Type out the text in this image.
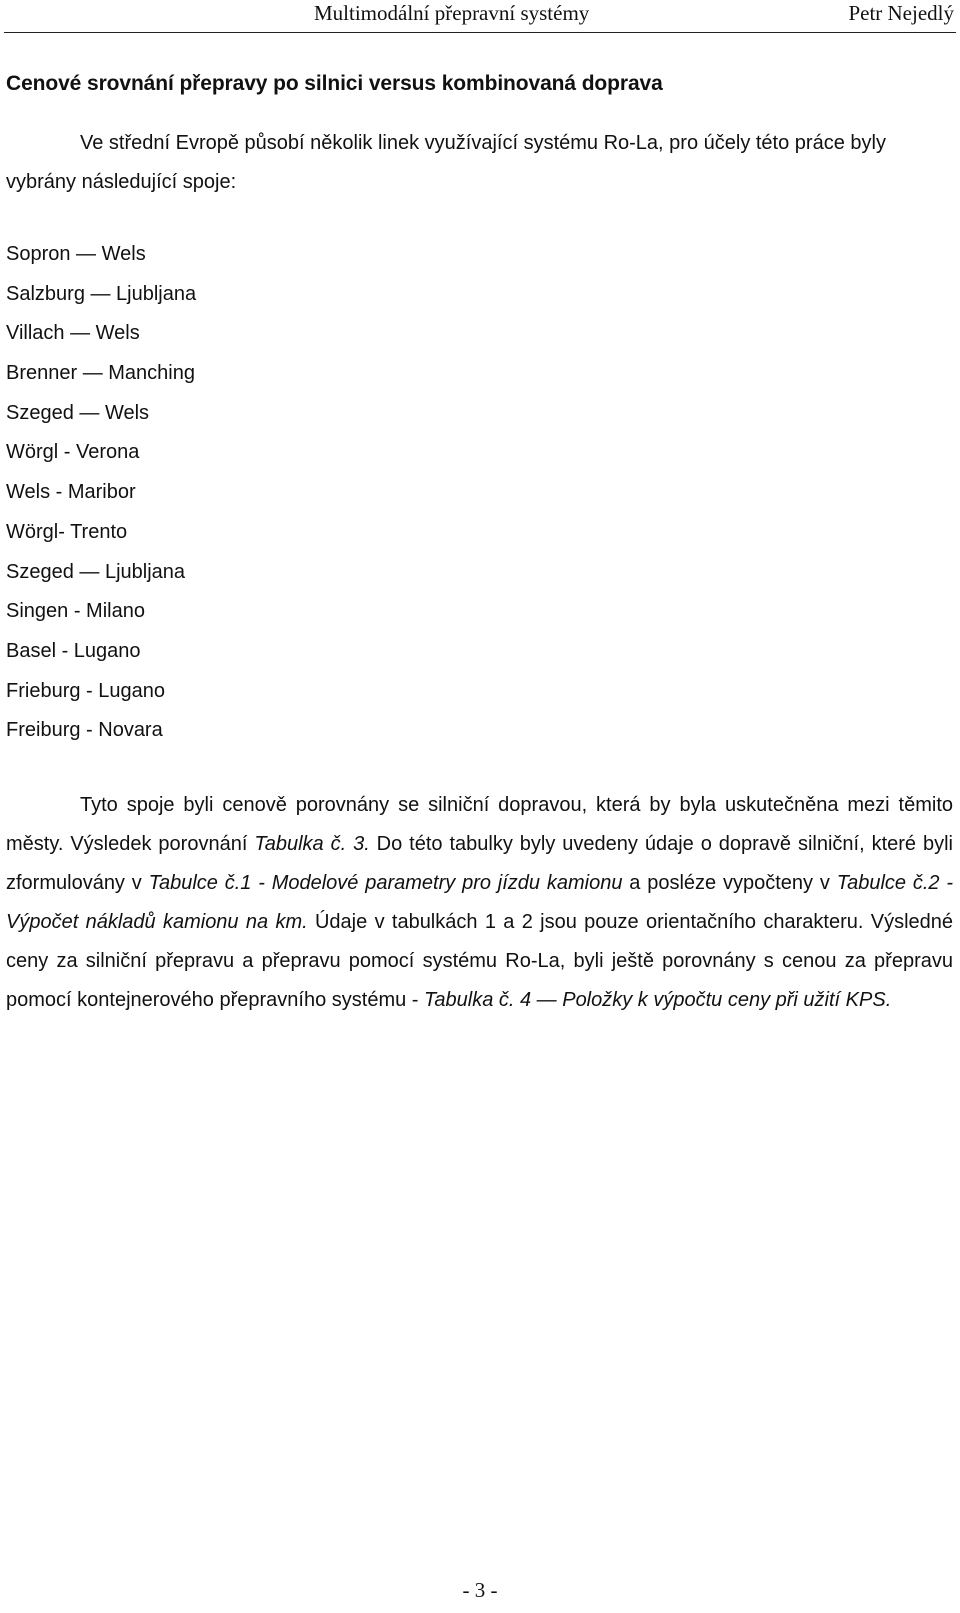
Multimodální přepravní systémy	Petr Nejedlý
Cenové srovnání přepravy po silnici versus kombinovaná doprava
Ve střední Evropě působí několik linek využívající systému Ro-La, pro účely této práce byly vybrány následující spoje:
Sopron — Wels
Salzburg — Ljubljana
Villach — Wels
Brenner — Manching
Szeged — Wels
Wörgl - Verona
Wels - Maribor
Wörgl- Trento
Szeged — Ljubljana
Singen - Milano
Basel - Lugano
Frieburg - Lugano
Freiburg - Novara
Tyto spoje byli cenově porovnány se silniční dopravou, která by byla uskutečněna mezi těmito městy. Výsledek porovnání Tabulka č. 3. Do této tabulky byly uvedeny údaje o dopravě silniční, které byli zformulovány v Tabulce č.1 - Modelové parametry pro jízdu kamionu a posléze vypočteny v Tabulce č.2 - Výpočet nákladů kamionu na km. Údaje v tabulkách 1 a 2 jsou pouze orientačního charakteru. Výsledné ceny za silniční přepravu a přepravu pomocí systému Ro-La, byli ještě porovnány s cenou za přepravu pomocí kontejnerového přepravního systému - Tabulka č. 4 — Položky k výpočtu ceny při užití KPS.
- 3 -
